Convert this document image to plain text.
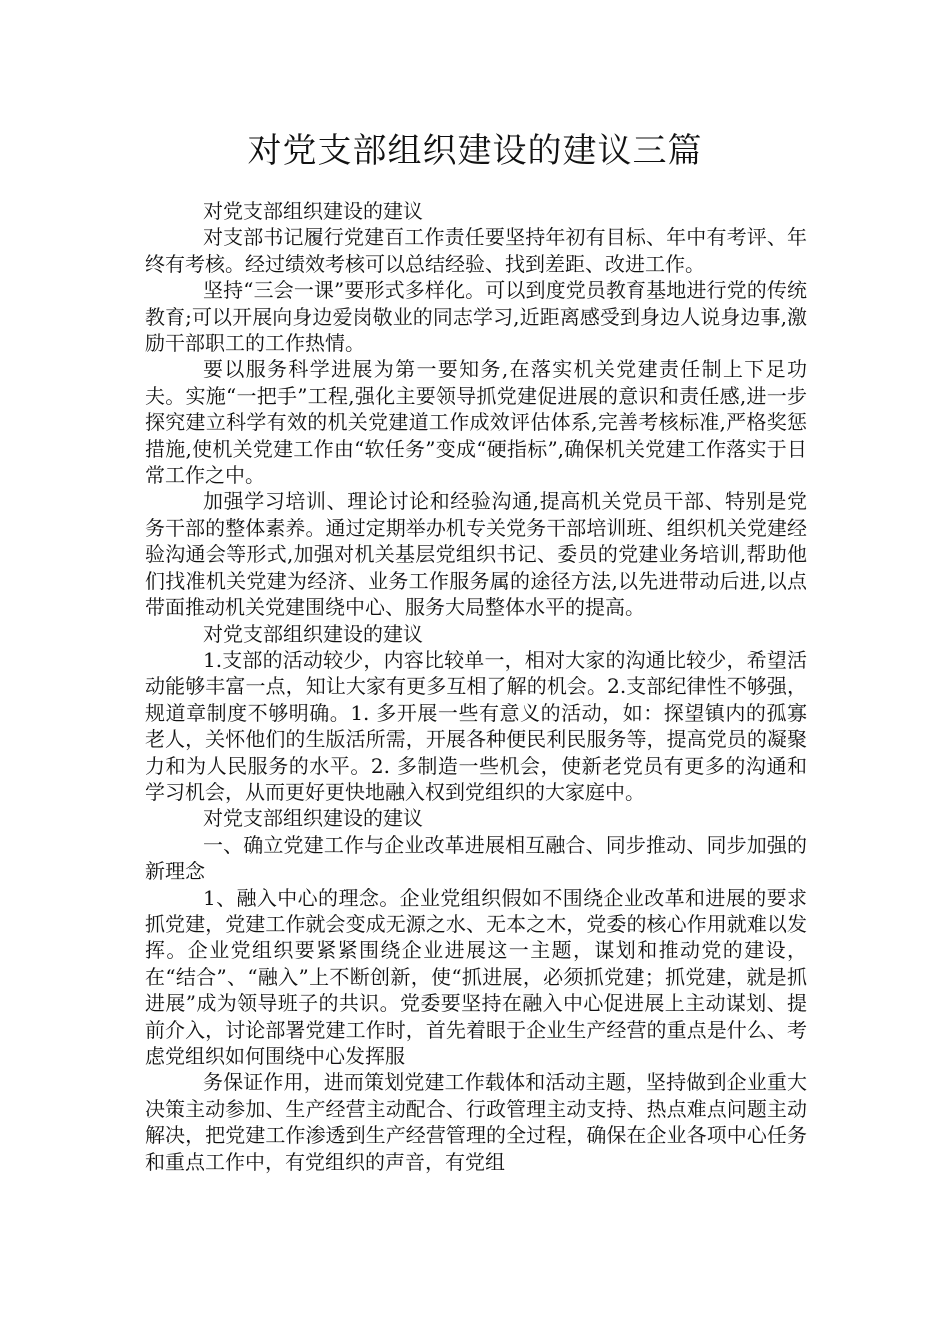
对党支部组织建设的建议三篇

对党支部组织建设的建议

对支部书记履行党建百工作责任要坚持年初有目标、年中有考评、年终有考核。经过绩效考核可以总结经验、找到差距、改进工作。

坚持“三会一课”要形式多样化。可以到度党员教育基地进行党的传统教育;可以开展向身边爱岗敬业的同志学习,近距离感受到身边人说身边事,激励干部职工的工作热情。

要以服务科学进展为第一要知务,在落实机关党建责任制上下足功夫。实施“一把手”工程,强化主要领导抓党建促进展的意识和责任感,进一步探究建立科学有效的机关党建道工作成效评估体系,完善考核标准,严格奖惩措施,使机关党建工作由“软任务”变成“硬指标”,确保机关党建工作落实于日常工作之中。

加强学习培训、理论讨论和经验沟通,提高机关党员干部、特别是党务干部的整体素养。通过定期举办机专关党务干部培训班、组织机关党建经验沟通会等形式,加强对机关基层党组织书记、委员的党建业务培训,帮助他们找准机关党建为经济、业务工作服务属的途径方法,以先进带动后进,以点带面推动机关党建围绕中心、服务大局整体水平的提高。

对党支部组织建设的建议

1.支部的活动较少，内容比较单一，相对大家的沟通比较少，希望活动能够丰富一点，知让大家有更多互相了解的机会。2.支部纪律性不够强，规道章制度不够明确。1. 多开展一些有意义的活动，如：探望镇内的孤寡老人，关怀他们的生版活所需，开展各种便民利民服务等，提高党员的凝聚力和为人民服务的水平。2. 多制造一些机会，使新老党员有更多的沟通和学习机会，从而更好更快地融入权到党组织的大家庭中。

对党支部组织建设的建议

一、确立党建工作与企业改革进展相互融合、同步推动、同步加强的新理念

1、融入中心的理念。企业党组织假如不围绕企业改革和进展的要求抓党建，党建工作就会变成无源之水、无本之木，党委的核心作用就难以发挥。企业党组织要紧紧围绕企业进展这一主题，谋划和推动党的建设，在“结合”、“融入”上不断创新，使“抓进展，必须抓党建；抓党建，就是抓进展”成为领导班子的共识。党委要坚持在融入中心促进展上主动谋划、提前介入，讨论部署党建工作时，首先着眼于企业生产经营的重点是什么、考虑党组织如何围绕中心发挥服

务保证作用，进而策划党建工作载体和活动主题，坚持做到企业重大决策主动参加、生产经营主动配合、行政管理主动支持、热点难点问题主动解决，把党建工作渗透到生产经营管理的全过程，确保在企业各项中心任务和重点工作中，有党组织的声音，有党组
